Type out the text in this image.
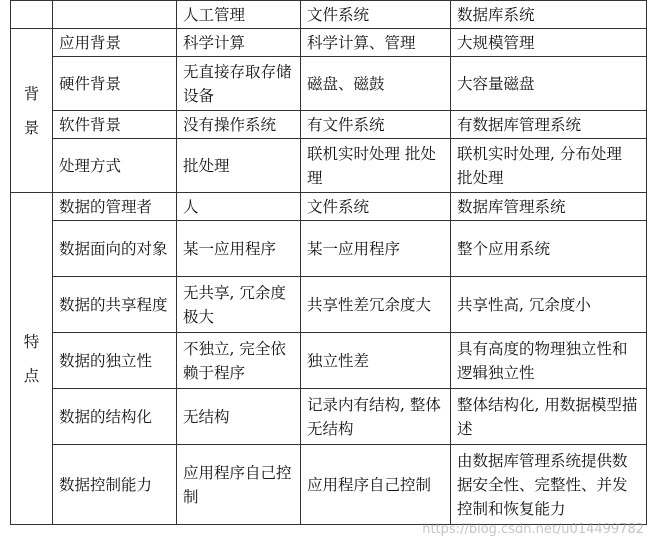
		人工管理	文件系统	数据库系统

背
景	应用背景	科学计算	科学计算、管理	大规模管理
	硬件背景	无直接存取存储设备	磁盘、磁鼓	大容量磁盘
	软件背景	没有操作系统	有文件系统	有数据库管理系统
	处理方式	批处理	联机实时处理 批处理	联机实时处理, 分布处理 批处理

特
点	数据的管理者	人	文件系统	数据库管理系统
	数据面向的对象	某一应用程序	某一应用程序	整个应用系统
	数据的共享程度	无共享, 冗余度极大	共享性差冗余度大	共享性高, 冗余度小
	数据的独立性	不独立, 完全依赖于程序	独立性差	具有高度的物理独立性和逻辑独立性
	数据的结构化	无结构	记录内有结构, 整体无结构	整体结构化, 用数据模型描述
	数据控制能力	应用程序自己控制	应用程序自己控制	由数据库管理系统提供数据安全性、完整性、并发控制和恢复能力
https://blog.csdn.net/u014499782
